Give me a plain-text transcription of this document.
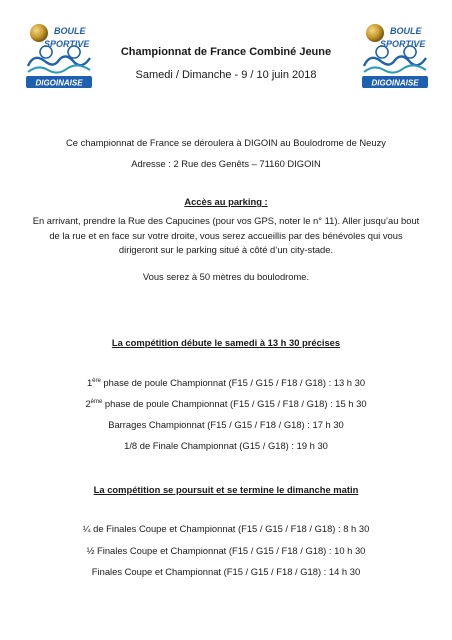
BOULE
SPORTIVE
DIGOINAISE
BOULE
SPORTIVE
DIGOINAISE
Championnat de France Combiné Jeune
Samedi / Dimanche - 9 / 10 juin 2018
Ce championnat de France se déroulera à DIGOIN au Boulodrome de Neuzy
Adresse : 2 Rue des Genêts – 71160 DIGOIN
Accès au parking :
En arrivant, prendre la Rue des Capucines (pour vos GPS, noter le n° 11). Aller jusqu’au bout de la rue et en face sur votre droite, vous serez accueillis par des bénévoles qui vous dirigeront sur le parking situé à côté d’un city-stade.
Vous serez à 50 mètres du boulodrome.
La compétition débute le samedi à 13 h 30 précises
1ère phase de poule Championnat (F15 / G15 / F18 / G18) : 13 h 30
2ème phase de poule Championnat (F15 / G15 / F18 / G18) : 15 h 30
Barrages Championnat (F15 / G15 / F18 / G18) : 17 h 30
1/8 de Finale Championnat (G15 / G18) : 19 h 30
La compétition se poursuit et se termine le dimanche matin
¼ de Finales Coupe et Championnat (F15 / G15 / F18 / G18) : 8 h 30
½ Finales Coupe et Championnat (F15 / G15 / F18 / G18) : 10 h 30
Finales Coupe et Championnat (F15 / G15 / F18 / G18) : 14 h 30
